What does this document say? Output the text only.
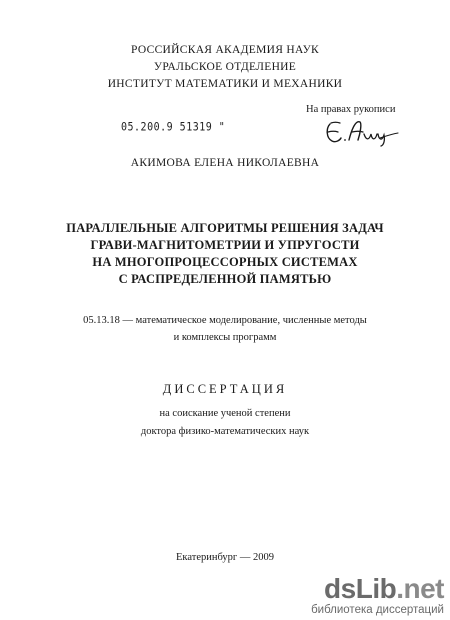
РОССИЙСКАЯ АКАДЕМИЯ НАУК
УРАЛЬСКОЕ ОТДЕЛЕНИЕ
ИНСТИТУТ МАТЕМАТИКИ И МЕХАНИКИ
На правах рукописи
05.200.9 51319 "
АКИМОВА ЕЛЕНА НИКОЛАЕВНА
ПАРАЛЛЕЛЬНЫЕ АЛГОРИТМЫ РЕШЕНИЯ ЗАДАЧ
ГРАВИ-МАГНИТОМЕТРИИ И УПРУГОСТИ
НА МНОГОПРОЦЕССОРНЫХ СИСТЕМАХ
С РАСПРЕДЕЛЕННОЙ ПАМЯТЬЮ
05.13.18 — математическое моделирование, численные методы
и комплексы программ
ДИССЕРТАЦИЯ
на соискание ученой степени
доктора физико-математических наук
Екатеринбург — 2009
dsLib.net
библиотека диссертаций
